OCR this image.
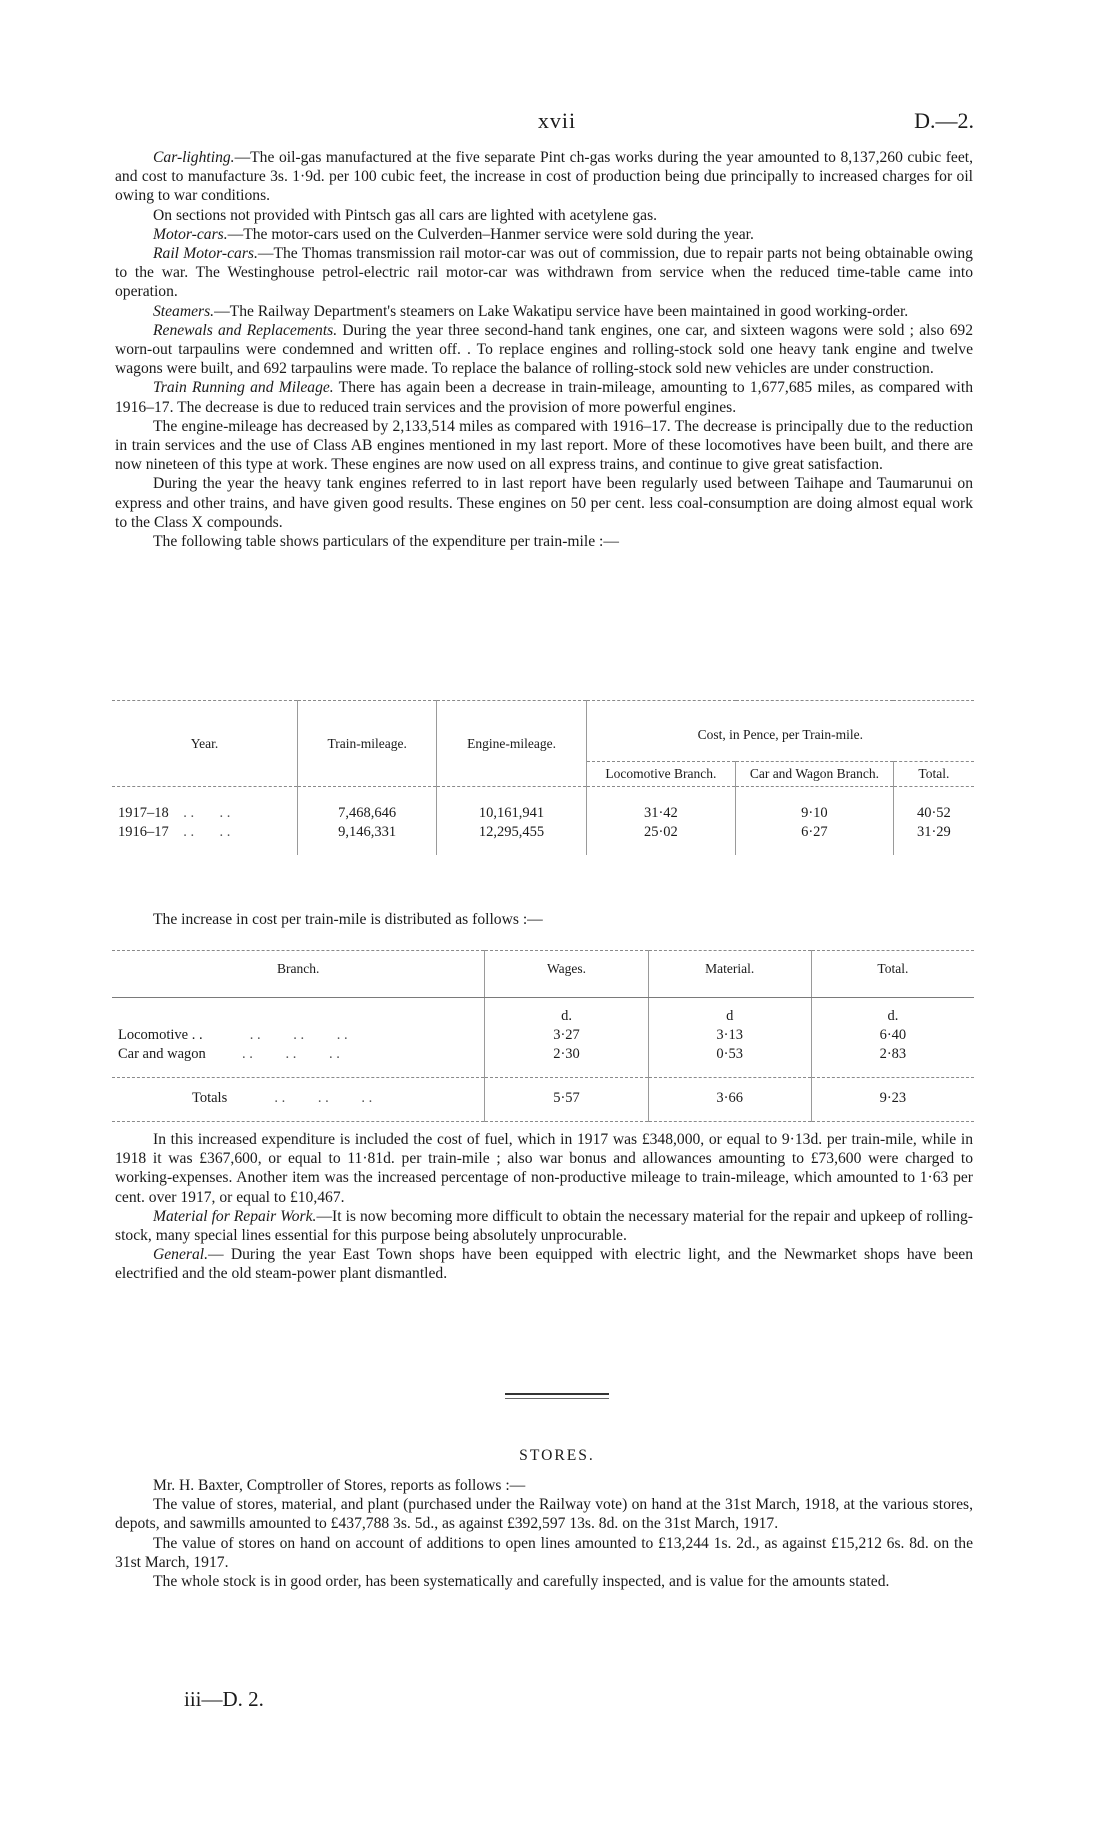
xvii	D.—2.

Car-lighting.—The oil-gas manufactured at the five separate Pint ch-gas works during the year amounted to 8,137,260 cubic feet, and cost to manufacture 3s. 1·9d. per 100 cubic feet, the increase in cost of production being due principally to increased charges for oil owing to war conditions.

On sections not provided with Pintsch gas all cars are lighted with acetylene gas.

Motor-cars.—The motor-cars used on the Culverden–Hanmer service were sold during the year.

Rail Motor-cars.—The Thomas transmission rail motor-car was out of commission, due to repair parts not being obtainable owing to the war. The Westinghouse petrol-electric rail motor-car was withdrawn from service when the reduced time-table came into operation.

Steamers.—The Railway Department's steamers on Lake Wakatipu service have been maintained in good working-order.

Renewals and Replacements. During the year three second-hand tank engines, one car, and sixteen wagons were sold ; also 692 worn-out tarpaulins were condemned and written off. . To replace engines and rolling-stock sold one heavy tank engine and twelve wagons were built, and 692 tarpaulins were made. To replace the balance of rolling-stock sold new vehicles are under construction.

Train Running and Mileage. There has again been a decrease in train-mileage, amounting to 1,677,685 miles, as compared with 1916–17. The decrease is due to reduced train services and the provision of more powerful engines.

The engine-mileage has decreased by 2,133,514 miles as compared with 1916–17. The decrease is principally due to the reduction in train services and the use of Class AB engines mentioned in my last report. More of these locomotives have been built, and there are now nineteen of this type at work. These engines are now used on all express trains, and continue to give great satisfaction.

During the year the heavy tank engines referred to in last report have been regularly used between Taihape and Taumarunui on express and other trains, and have given good results. These engines on 50 per cent. less coal-consumption are doing almost equal work to the Class X compounds.

The following table shows particulars of the expenditure per train-mile :—

Year.	Train-mileage.	Engine-mileage.	Cost, in Pence, per Train-mile.		
			Locomotive Branch.	Car and Wagon Branch.	Total.
1917–18 . . . .	7,468,646	10,161,941	31·42	9·10	40·52
1916–17 . . . .	9,146,331	12,295,455	25·02	6·27	31·29
The increase in cost per train-mile is distributed as follows :—
Branch.	Wages.	Material.	Total.
	d.	d	d.
Locomotive . . . . . . . .	3·27	3·13	6·40
Car and wagon . . . . . .	2·30	0·53	2·83
Totals . . . . . .	5·57	3·66	9·23

In this increased expenditure is included the cost of fuel, which in 1917 was £348,000, or equal to 9·13d. per train-mile, while in 1918 it was £367,600, or equal to 11·81d. per train-mile ; also war bonus and allowances amounting to £73,600 were charged to working-expenses. Another item was the increased percentage of non-productive mileage to train-mileage, which amounted to 1·63 per cent. over 1917, or equal to £10,467.

Material for Repair Work.—It is now becoming more difficult to obtain the necessary material for the repair and upkeep of rolling-stock, many special lines essential for this purpose being absolutely unprocurable.

General.— During the year East Town shops have been equipped with electric light, and the Newmarket shops have been electrified and the old steam-power plant dismantled.

STORES.

Mr. H. Baxter, Comptroller of Stores, reports as follows :—

The value of stores, material, and plant (purchased under the Railway vote) on hand at the 31st March, 1918, at the various stores, depots, and sawmills amounted to £437,788 3s. 5d., as against £392,597 13s. 8d. on the 31st March, 1917.

The value of stores on hand on account of additions to open lines amounted to £13,244 1s. 2d., as against £15,212 6s. 8d. on the 31st March, 1917.

The whole stock is in good order, has been systematically and carefully inspected, and is value for the amounts stated.

iii—D. 2.
